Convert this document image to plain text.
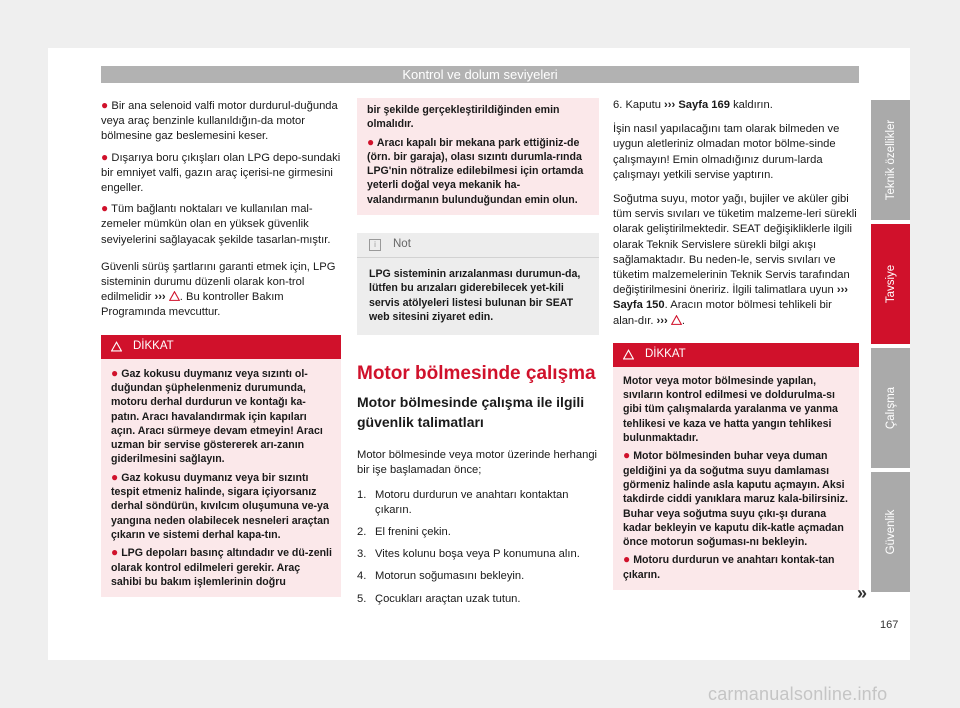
Kontrol ve dolum seviyeleri

● Bir ana selenoid valfi motor durdurul-duğunda veya araç benzinle kullanıldığın-da motor bölmesine gaz beslemesini keser.

● Dışarıya boru çıkışları olan LPG depo-sundaki bir emniyet valfi, gazın araç içerisi-ne girmesini engeller.

● Tüm bağlantı noktaları ve kullanılan mal-zemeler mümkün olan en yüksek güvenlik seviyelerini sağlayacak şekilde tasarlan-mıştır.

Güvenli sürüş şartlarını garanti etmek için, LPG sisteminin durumu düzenli olarak kon-trol edilmelidir ››› . Bu kontroller Bakım Programında mevcuttur.

DİKKAT

● Gaz kokusu duymanız veya sızıntı ol-duğundan şüphelenmeniz durumunda, motoru derhal durdurun ve kontağı ka-patın. Aracı havalandırmak için kapıları açın. Aracı sürmeye devam etmeyin! Aracı uzman bir servise göstererek arı-zanın giderilmesini sağlayın.

● Gaz kokusu duymanız veya bir sızıntı tespit etmeniz halinde, sigara içiyorsanız derhal söndürün, kıvılcım oluşumuna ve-ya yangına neden olabilecek nesneleri araçtan çıkarın ve sistemi derhal kapa-tın.

● LPG depoları basınç altındadır ve dü-zenli olarak kontrol edilmeleri gerekir. Araç sahibi bu bakım işlemlerinin doğru

bir şekilde gerçekleştirildiğinden emin olmalıdır.

● Aracı kapalı bir mekana park ettiğiniz-de (örn. bir garaja), olası sızıntı durumla-rında LPG'nin nötralize edilebilmesi için ortamda yeterli doğal veya mekanik ha-valandırmanın bulunduğundan emin olun.

i	Not
LPG sisteminin arızalanması durumun-da, lütfen bu arızaları giderebilecek yet-kili servis atölyeleri listesi bulunan bir SEAT web sitesini ziyaret edin.
Motor bölmesinde çalışma
Motor bölmesinde çalışma ile ilgili güvenlik talimatları

Motor bölmesinde veya motor üzerinde herhangi bir işe başlamadan önce;

1. Motoru durdurun ve anahtarı kontaktan çıkarın.
2. El frenini çekin.
3. Vites kolunu boşa veya P konumuna alın.
4. Motorun soğumasını bekleyin.
5. Çocukları araçtan uzak tutun.

6. Kaputu ››› Sayfa 169 kaldırın.

İşin nasıl yapılacağını tam olarak bilmeden ve uygun aletleriniz olmadan motor bölme-sinde çalışmayın! Emin olmadığınız durum-larda çalışmayı yetkili servise yaptırın.

Soğutma suyu, motor yağı, bujiler ve aküler gibi tüm servis sıvıları ve tüketim malzeme-leri sürekli olarak geliştirilmektedir. SEAT değişikliklerle ilgili olarak Teknik Servislere sürekli bilgi akışı sağlamaktadır. Bu neden-le, servis sıvıları ve tüketim malzemelerinin Teknik Servis tarafından değiştirilmesini öneririz. İlgili talimatlara uyun ››› Sayfa 150. Aracın motor bölmesi tehlikeli bir alan-dır. ››› .

DİKKAT

Motor veya motor bölmesinde yapılan, sıvıların kontrol edilmesi ve doldurulma-sı gibi tüm çalışmalarda yaralanma ve yanma tehlikesi ve kaza ve hatta yangın tehlikesi bulunmaktadır.

● Motor bölmesinden buhar veya duman geldiğini ya da soğutma suyu damlaması görmeniz halinde asla kaputu açmayın. Aksi takdirde ciddi yanıklara maruz kala-bilirsiniz. Buhar veya soğutma suyu çıkı-şı durana kadar bekleyin ve kaputu dik-katle açmadan önce motorun soğuması-nı bekleyin.

● Motoru durdurun ve anahtarı kontak-tan çıkarın.

Teknik özellikler
Tavsiye
Çalışma
Güvenlik
»
167
carmanualsonline.info
